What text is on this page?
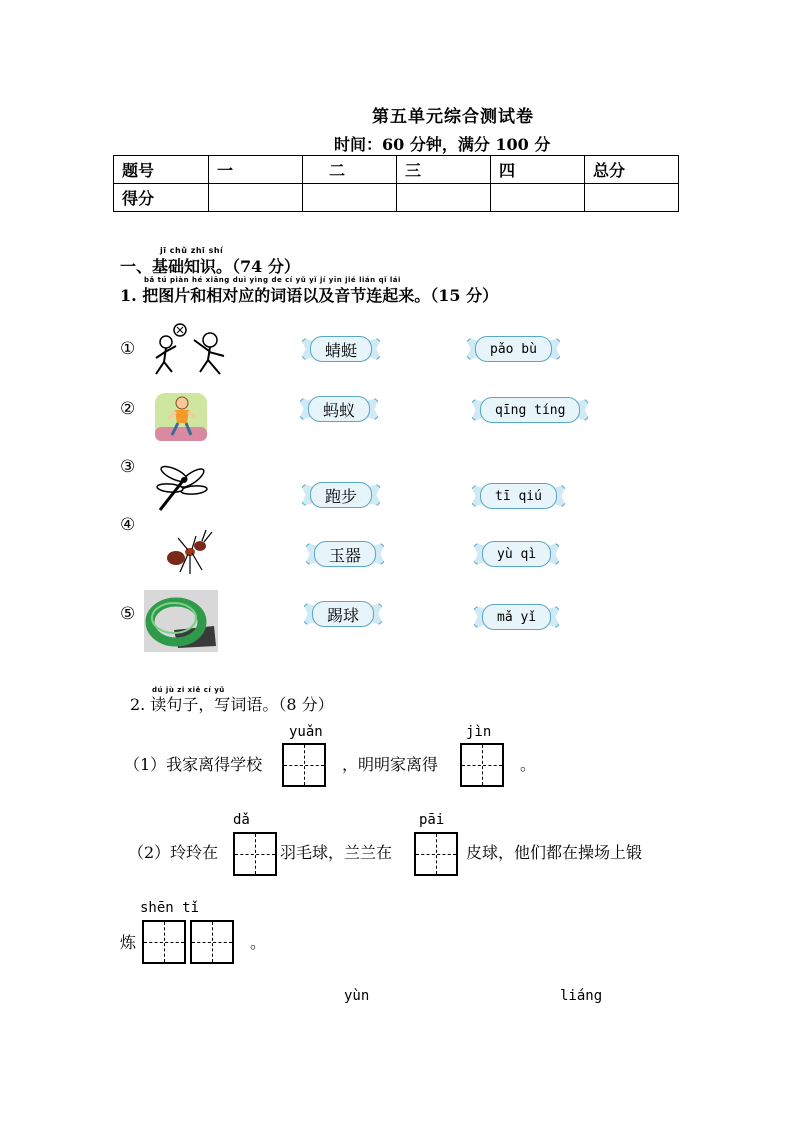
第五单元综合测试卷
时间：60 分钟，满分 100 分
题号	一	二	三	四	总分
得分					
jī chǔ zhī shí
一、基础知识。（74 分）
bǎ tú piàn hé xiāng duì yìng de cí yǔ yǐ jí yīn jié lián qǐ lái
1. 把图片和相对应的词语以及音节连起来。（15 分）
①
②
③
④
⑤
蜻蜓
蚂蚁
跑步
玉器
踢球
pǎo bù
qīng tíng
tī qiú
yù qì
mǎ yǐ
dú jù zi xiě cí yǔ
2. 读句子，写词语。（8 分）
yuǎn	jìn
（1）我家离得学校	，明明家离得	。
dǎ	pāi
（2）玲玲在	羽毛球，兰兰在	皮球，他们都在操场上锻
shēn tǐ
炼	。
yùn	liáng
